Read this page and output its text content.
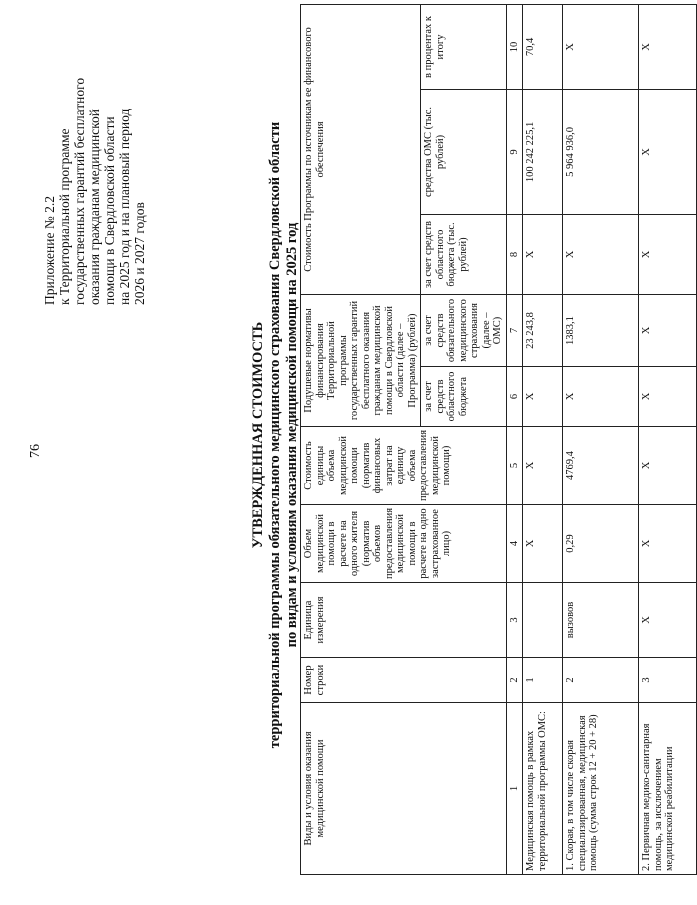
76
Приложение № 2.2 к Территориальной программе государственных гарантий бесплатного оказания гражданам медицинской помощи в Свердловской области на 2025 год и на плановый период 2026 и 2027 годов
УТВЕРЖДЕННАЯ СТОИМОСТЬ территориальной программы обязательного медицинского страхования Свердловской области по видам и условиям оказания медицинской помощи на 2025 год
Виды и условия оказания медицинской помощи	Номер строки	Единица измерения	Объем медицинской помощи в расчете на одного жителя (норматив объемов предоставления медицинской помощи в расчете на одно застрахованное лицо)	Стоимость единицы объема медицинской помощи (норматив финансовых затрат на единицу объема предоставления медицинской помощи)	Подушевые нормативы финансирования Территориальной программы государственных гарантий бесплатного оказания гражданам медицинской помощи в Свердловской области (далее – Программа) (рублей)		Стоимость Программы по источникам ее финансового обеспечения		
					за счет средств областного бюджета	за счет средств обязательного медицинского страхования (далее – ОМС)	за счет средств областного бюджета (тыс. рублей)	средства ОМС (тыс. рублей)	в процентах к итогу
1	2	3	4	5	6	7	8	9	10
Медицинская помощь в рамках территориальной программы ОМС:	1		X	X	X	23 243,8	X	100 242 225,1	70,4
1. Скорая, в том числе скорая специализированная, медицинская помощь (сумма строк 12 + 20 + 28)	2	вызовов	0,29	4769,4	X	1383,1	X	5 964 936,0	X
2. Первичная медико-санитарная помощь, за исключением медицинской реабилитации	3	X	X	X	X	X	X	X	X
